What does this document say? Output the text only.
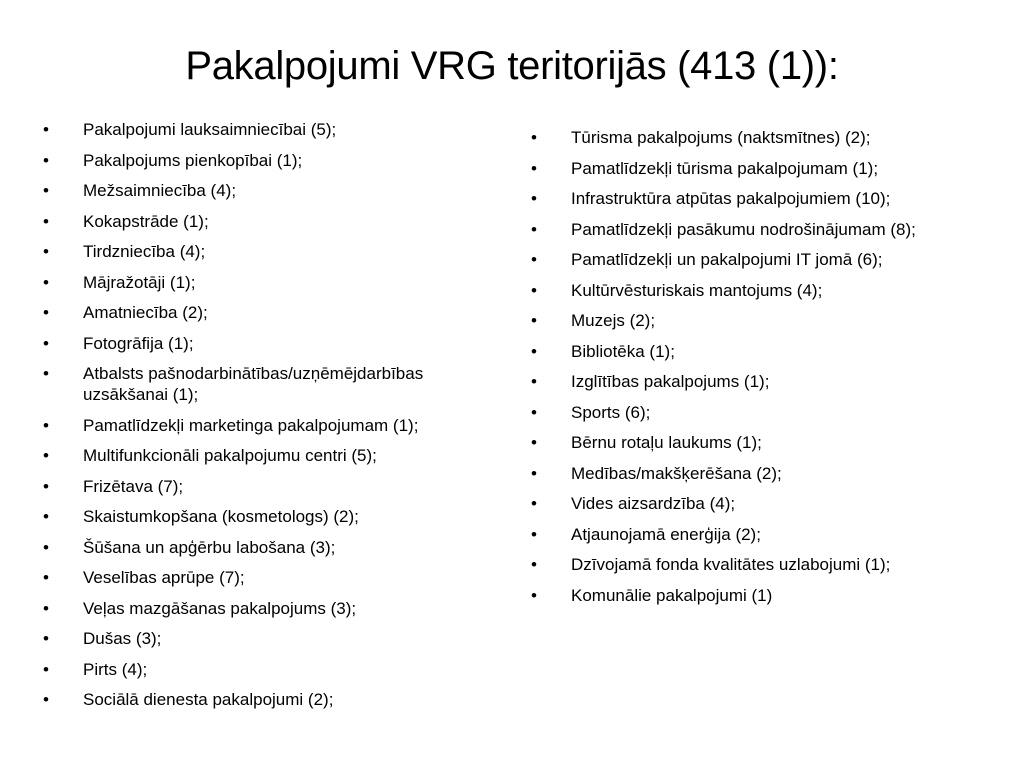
Pakalpojumi VRG teritorijās (413 (1)):
• Pakalpojumi lauksaimniecībai (5);
• Pakalpojums pienkopībai (1);
• Mežsaimniecība (4);
• Kokapstrāde (1);
• Tirdzniecība (4);
• Mājražotāji (1);
• Amatniecība (2);
• Fotogrāfija (1);
• Atbalsts pašnodarbinātības/uzņēmējdarbības uzsākšanai (1);
• Pamatlīdzekļi marketinga pakalpojumam (1);
• Multifunkcionāli pakalpojumu centri (5);
• Frizētava (7);
• Skaistumkopšana (kosmetologs) (2);
• Šūšana un apģērbu labošana (3);
• Veselības aprūpe (7);
• Veļas mazgāšanas pakalpojums (3);
• Dušas (3);
• Pirts (4);
• Sociālā dienesta pakalpojumi (2);
• Tūrisma pakalpojums (naktsmītnes) (2);
• Pamatlīdzekļi tūrisma pakalpojumam (1);
• Infrastruktūra atpūtas pakalpojumiem (10);
• Pamatlīdzekļi pasākumu nodrošinājumam (8);
• Pamatlīdzekļi un pakalpojumi IT jomā (6);
• Kultūrvēsturiskais mantojums (4);
• Muzejs (2);
• Bibliotēka (1);
• Izglītības pakalpojums (1);
• Sports (6);
• Bērnu rotaļu laukums (1);
• Medības/makšķerēšana (2);
• Vides aizsardzība (4);
• Atjaunojamā enerģija (2);
• Dzīvojamā fonda kvalitātes uzlabojumi (1);
• Komunālie pakalpojumi (1)
